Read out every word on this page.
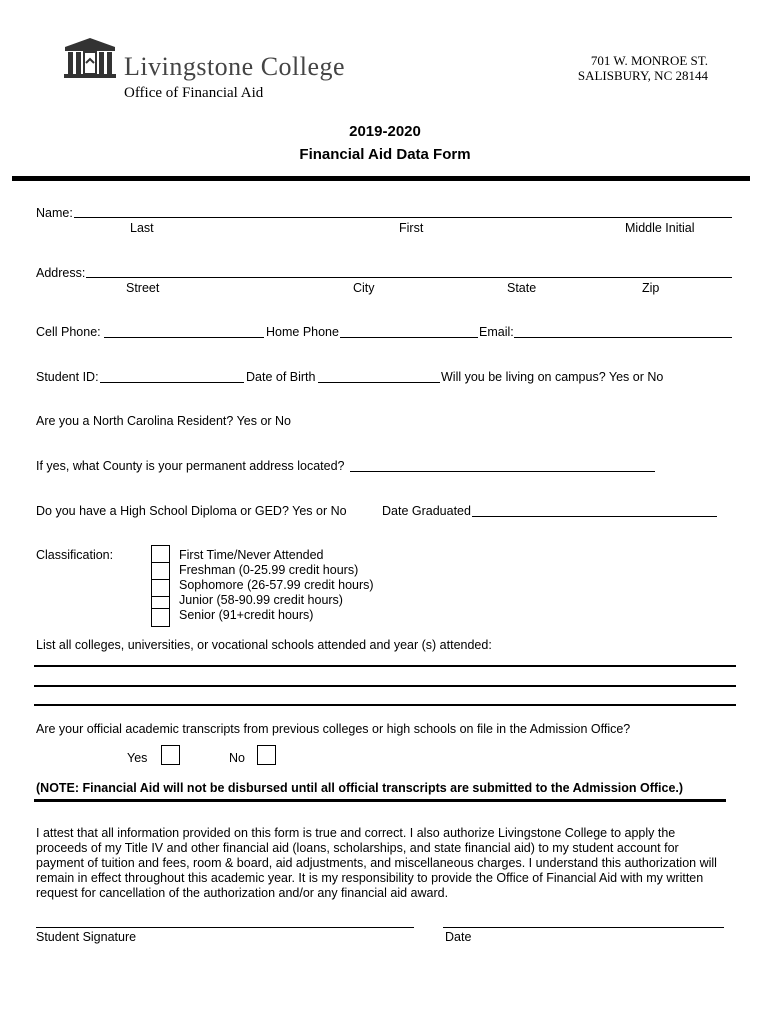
Livingstone College
Office of Financial Aid
701 W. MONROE ST.
SALISBURY, NC 28144
2019-2020
Financial Aid Data Form
Name:
Last	First	Middle Initial
Address:
Street	City	State	Zip
Cell Phone:	Home Phone	Email:
Student ID:	Date of Birth	Will you be living on campus? Yes or No
Are you a North Carolina Resident? Yes or No
If yes, what County is your permanent address located?
Do you have a High School Diploma or GED? Yes or No	Date Graduated
Classification:	First Time/Never Attended
Freshman (0-25.99 credit hours)
Sophomore (26-57.99 credit hours)
Junior (58-90.99 credit hours)
Senior (91+credit hours)
List all colleges, universities, or vocational schools attended and year (s) attended:
Are your official academic transcripts from previous colleges or high schools on file in the Admission Office?
Yes	No
(NOTE: Financial Aid will not be disbursed until all official transcripts are submitted to the Admission Office.)
I attest that all information provided on this form is true and correct. I also authorize Livingstone College to apply the
proceeds of my Title IV and other financial aid (loans, scholarships, and state financial aid) to my student account for
payment of tuition and fees, room & board, aid adjustments, and miscellaneous charges. I understand this authorization will
remain in effect throughout this academic year. It is my responsibility to provide the Office of Financial Aid with my written
request for cancellation of the authorization and/or any financial aid award.
Student Signature	Date
